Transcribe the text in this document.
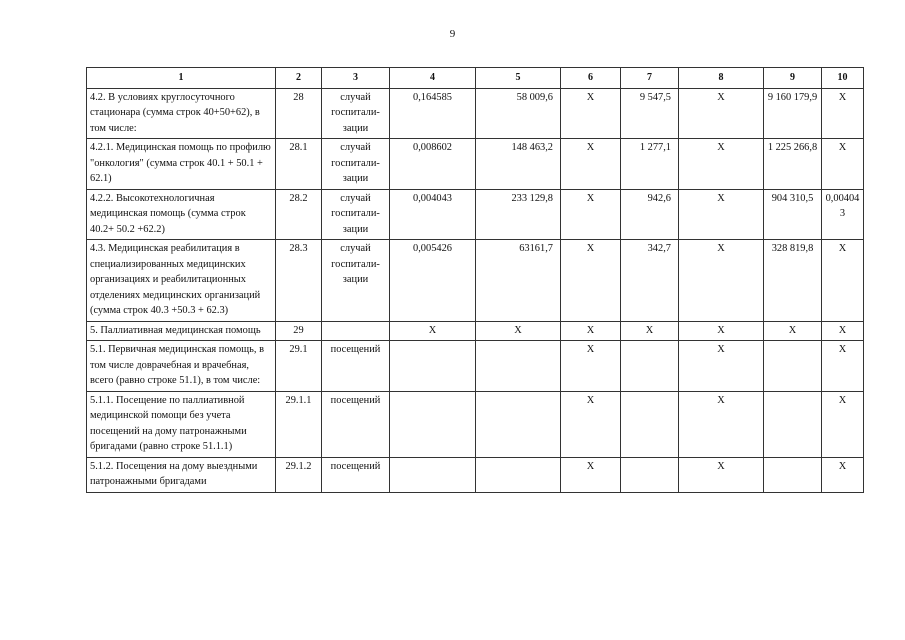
9
1	2	3	4	5	6	7	8	9	10
4.2. В условиях круглосуточного стационара (сумма строк 40+50+62), в том числе:	28	случай госпитали-зации	0,164585	58 009,6	X	9 547,5	X	9 160 179,9	X
4.2.1. Медицинская помощь по профилю "онкология" (сумма строк 40.1 + 50.1 + 62.1)	28.1	случай госпитали-зации	0,008602	148 463,2	X	1 277,1	X	1 225 266,8	X
4.2.2. Высокотехнологичная медицинская помощь (сумма строк 40.2+ 50.2 +62.2)	28.2	случай госпитали-зации	0,004043	233 129,8	X	942,6	X	904 310,5	0,004043
4.3. Медицинская реабилитация в специализированных медицинских организациях и реабилитационных отделениях медицинских организаций (сумма строк 40.3 +50.3 + 62.3)	28.3	случай госпитали-зации	0,005426	63161,7	X	342,7	X	328 819,8	X
5. Паллиативная медицинская помощь	29		X	X	X	X	X	X	X
5.1. Первичная медицинская помощь, в том числе доврачебная и врачебная, всего (равно строке 51.1), в том числе:	29.1	посещений			X		X		X
5.1.1. Посещение по паллиативной медицинской помощи без учета посещений на дому патронажными бригадами (равно строке 51.1.1)	29.1.1	посещений			X		X		X
5.1.2. Посещения на дому выездными патронажными бригадами	29.1.2	посещений			X		X		X
